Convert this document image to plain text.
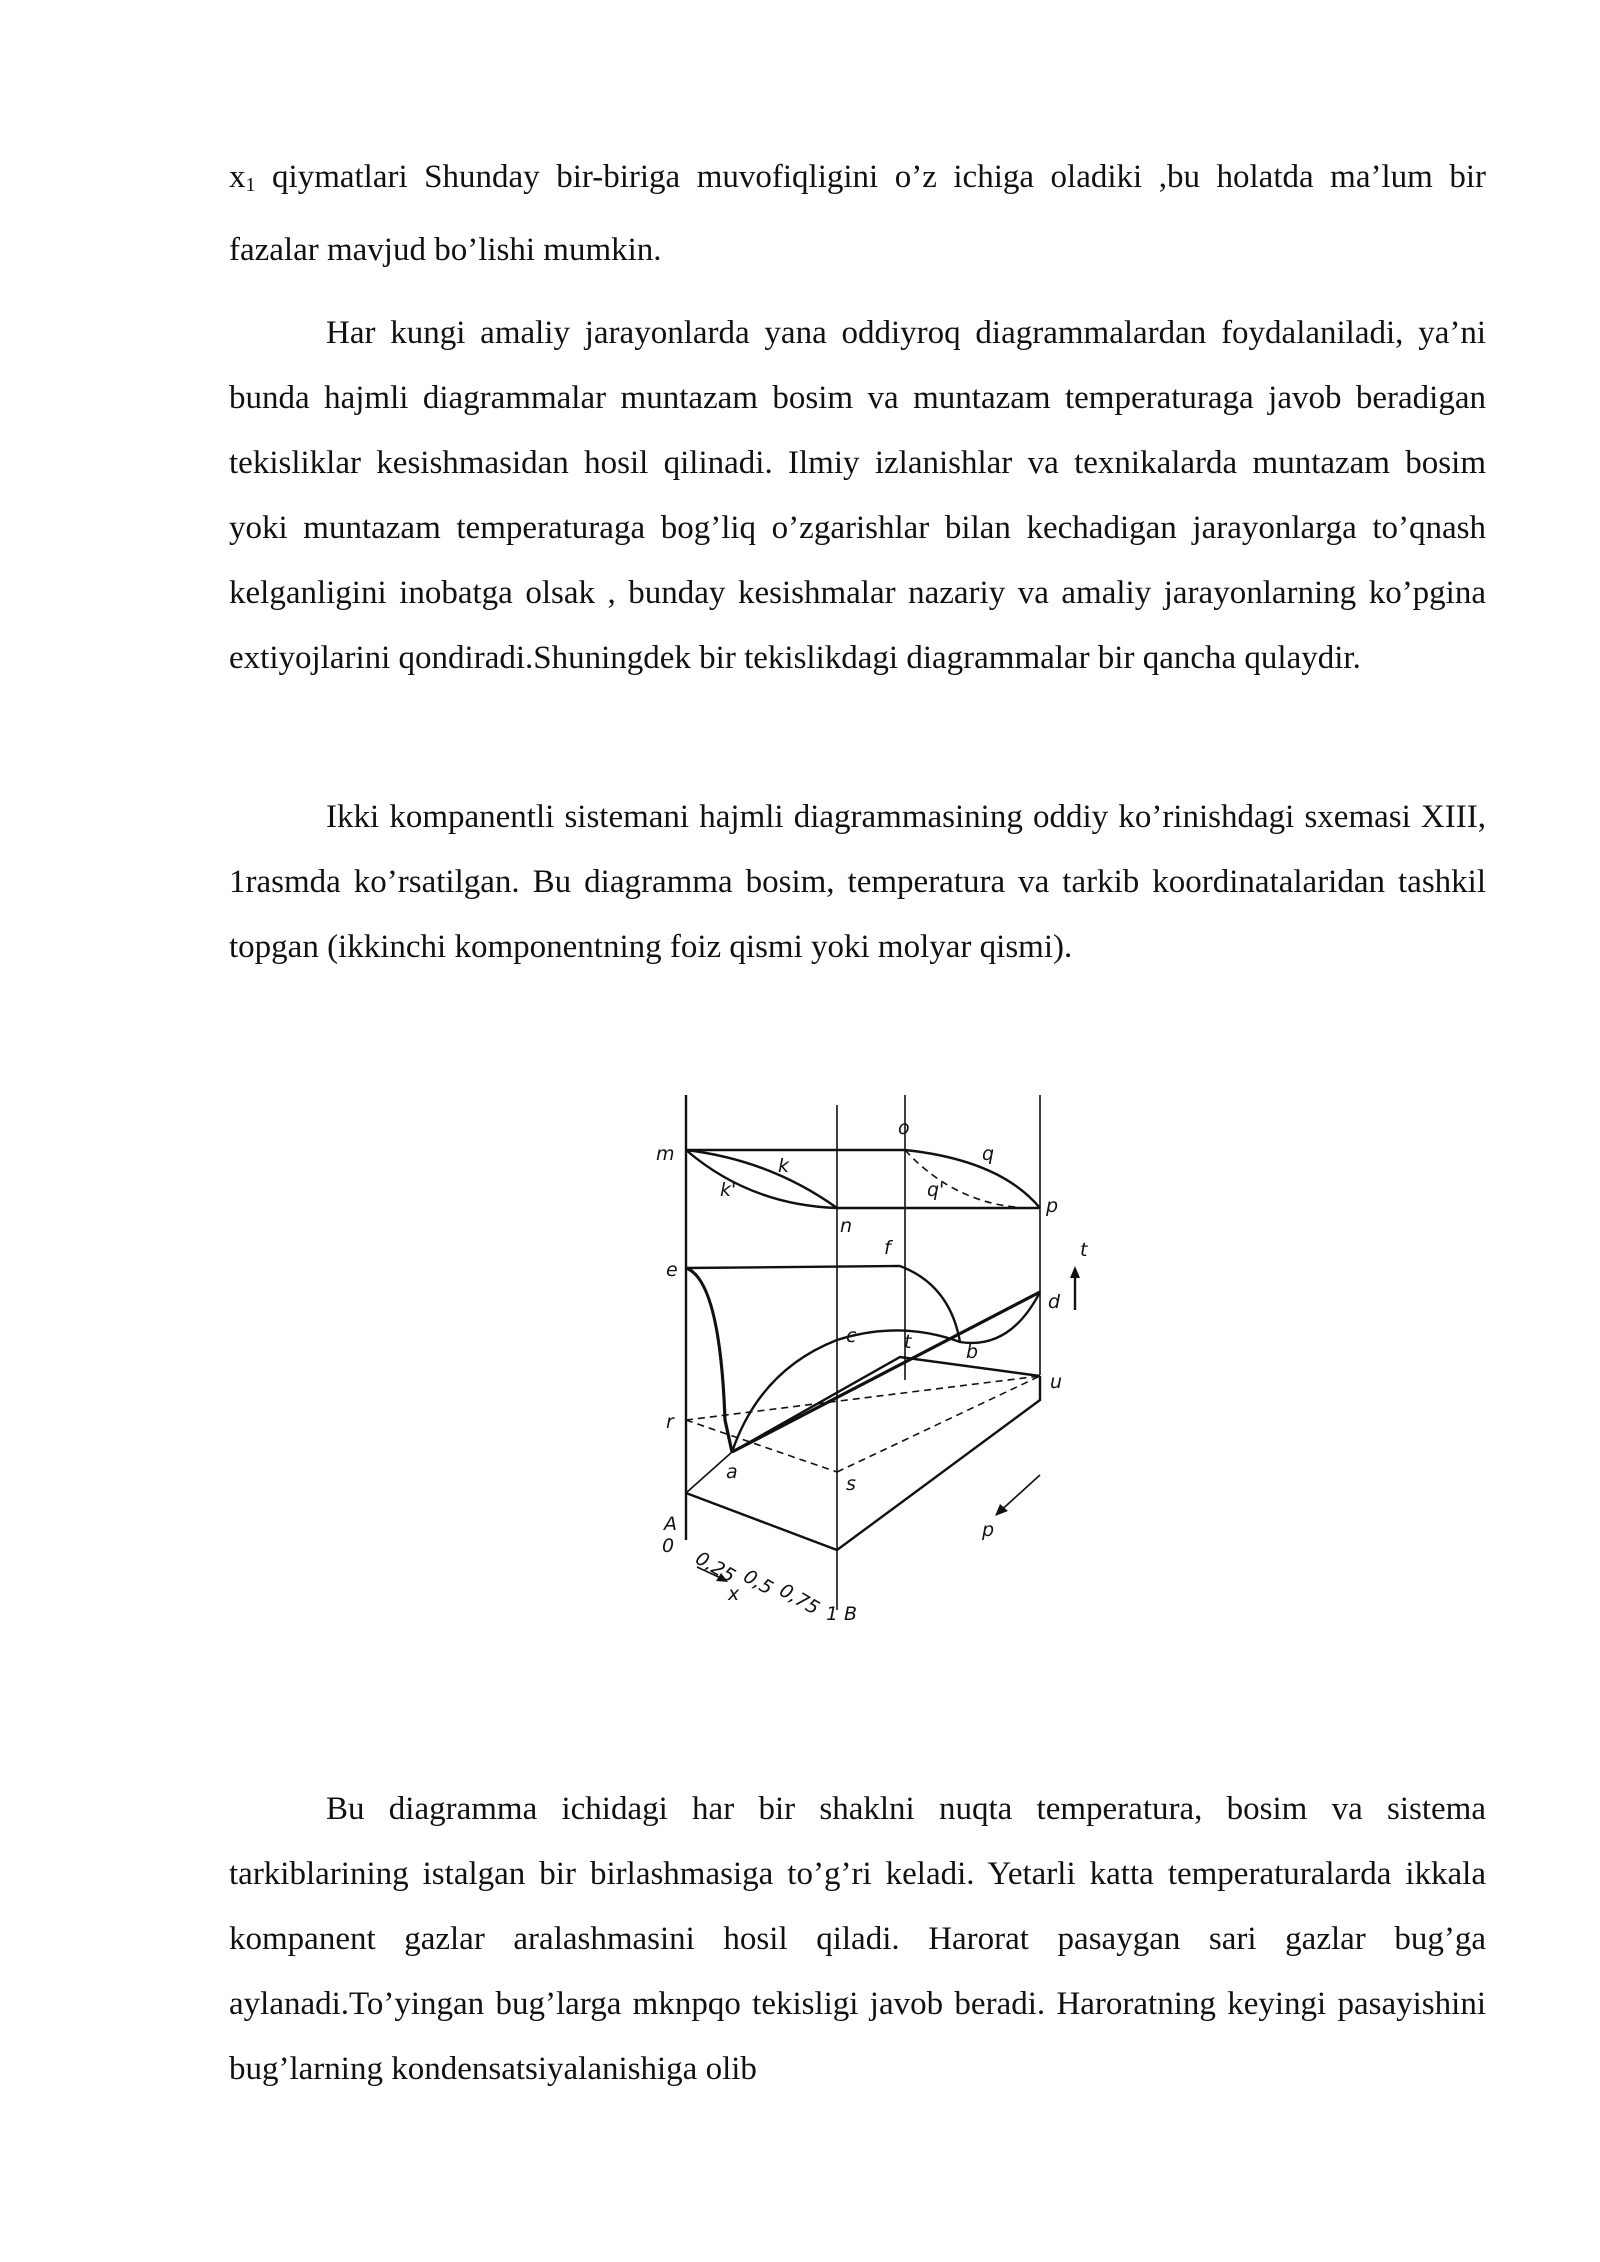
$x_1$ qiymatlari Shunday bir-biriga muvofiqligini o’z ichiga oladiki ,bu holatda ma’lum bir fazalar mavjud bo’lishi mumkin.

Har kungi amaliy jarayonlarda yana oddiyroq diagrammalardan foydalaniladi, ya’ni bunda hajmli diagrammalar muntazam bosim va muntazam temperaturaga javob beradigan tekisliklar kesishmasidan hosil qilinadi. Ilmiy izlanishlar va texnikalarda muntazam bosim yoki muntazam temperaturaga bog’liq o’zgarishlar bilan kechadigan jarayonlarga to’qnash kelganligini inobatga olsak , bunday kesishmalar nazariy va amaliy jarayonlarning ko’pgina extiyojlarini qondiradi.Shuningdek bir tekislikdagi diagrammalar bir qancha qulaydir.

Ikki kompanentli sistemani hajmli diagrammasining oddiy ko’rinishdagi sxemasi XIII, 1rasmda ko’rsatilgan. Bu diagramma bosim, temperatura va tarkib koordinatalaridan tashkil topgan (ikkinchi komponentning foiz qismi yoki molyar qismi).

m
k
k'
n
o
q
q'
p
e
f
c	t	b
d
u
r
a
s
A
B
t
p
x
0
0,25 0,5
0,75 1

Bu diagramma ichidagi har bir shaklni nuqta temperatura, bosim va sistema tarkiblarining istalgan bir birlashmasiga to’g’ri keladi. Yetarli katta temperaturalarda ikkala kompanent gazlar aralashmasini hosil qiladi. Harorat pasaygan sari gazlar bug’ga aylanadi.To’yingan bug’larga mknpqo tekisligi javob beradi. Haroratning keyingi pasayishini bug’larning kondensatsiyalanishiga olib
